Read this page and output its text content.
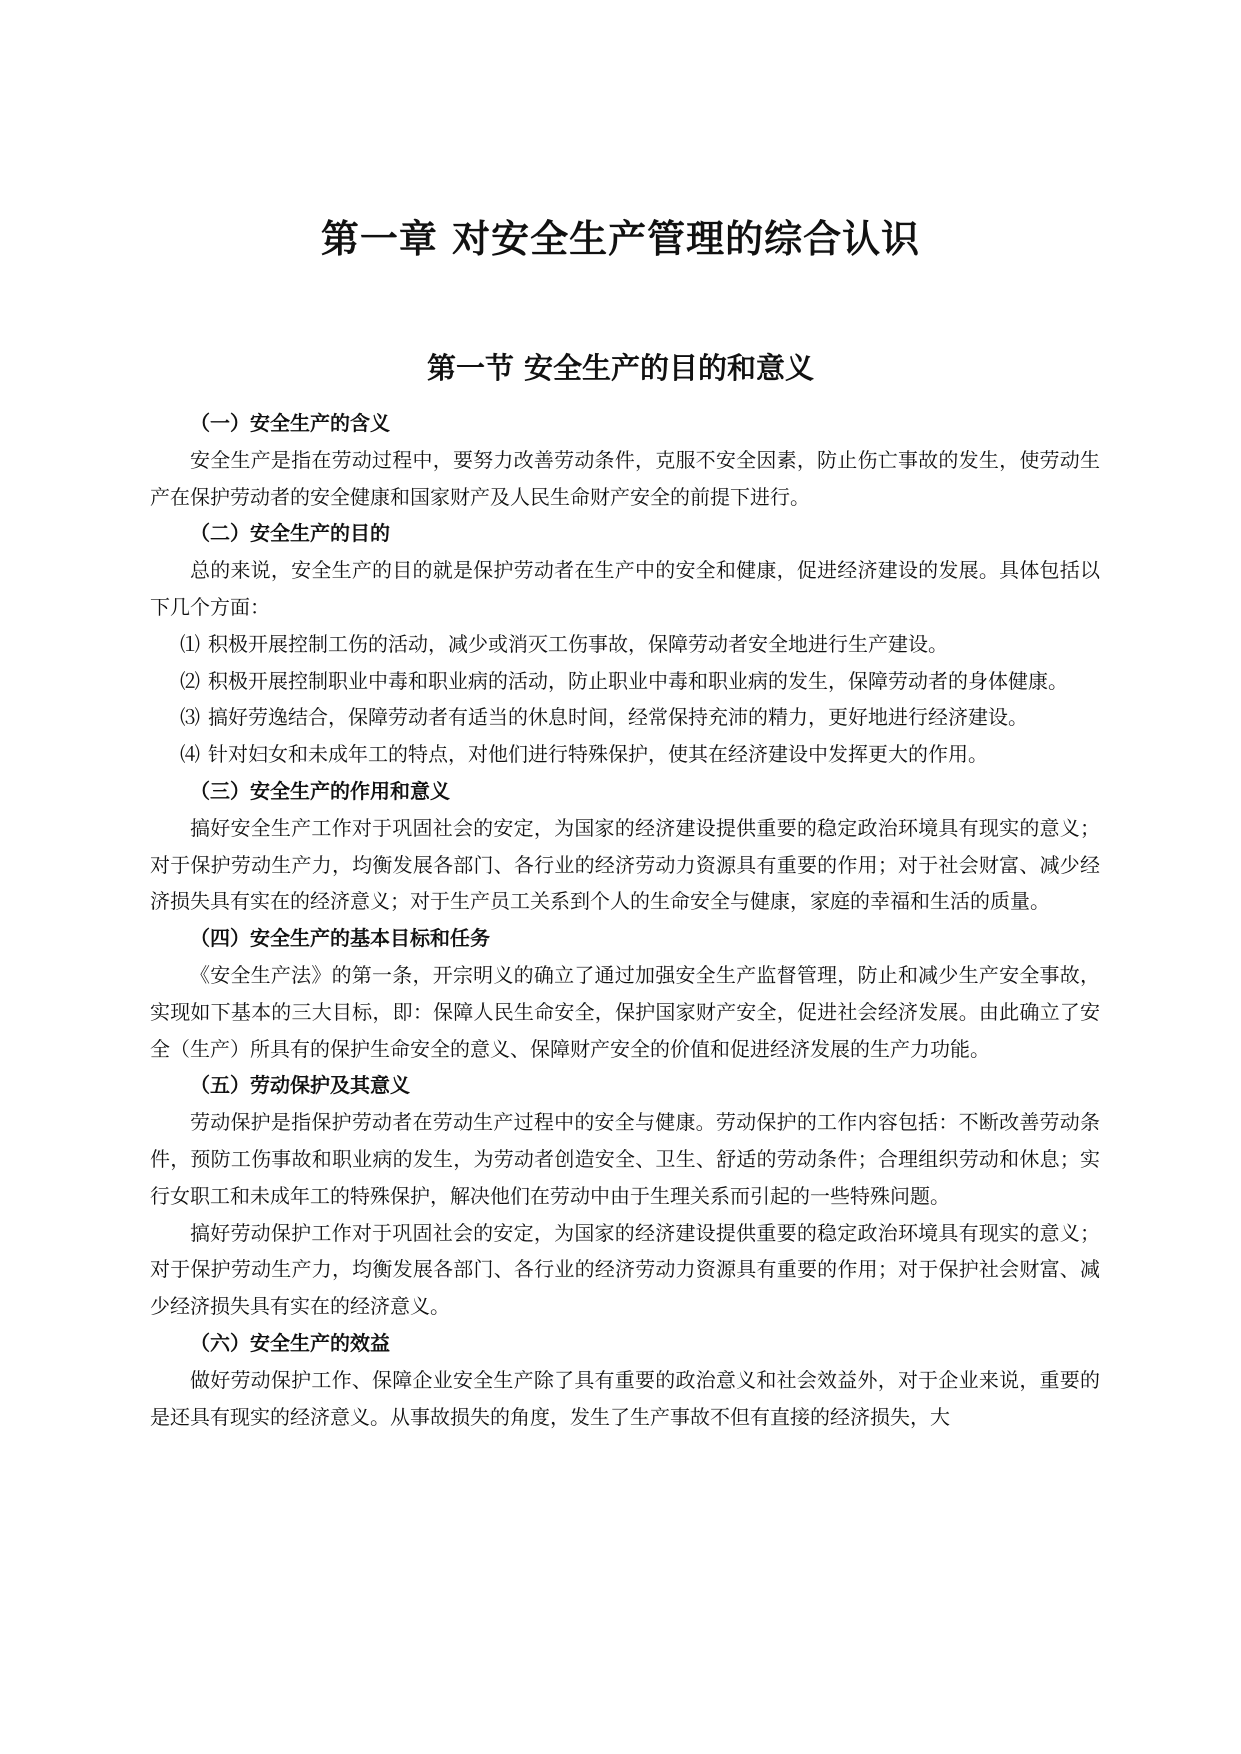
第一章 对安全生产管理的综合认识
第一节 安全生产的目的和意义

（一）安全生产的含义

安全生产是指在劳动过程中，要努力改善劳动条件，克服不安全因素，防止伤亡事故的发生，使劳动生产在保护劳动者的安全健康和国家财产及人民生命财产安全的前提下进行。

（二）安全生产的目的

总的来说，安全生产的目的就是保护劳动者在生产中的安全和健康，促进经济建设的发展。具体包括以下几个方面：

⑴ 积极开展控制工伤的活动，减少或消灭工伤事故，保障劳动者安全地进行生产建设。

⑵ 积极开展控制职业中毒和职业病的活动，防止职业中毒和职业病的发生，保障劳动者的身体健康。

⑶ 搞好劳逸结合，保障劳动者有适当的休息时间，经常保持充沛的精力，更好地进行经济建设。

⑷ 针对妇女和未成年工的特点，对他们进行特殊保护，使其在经济建设中发挥更大的作用。

（三）安全生产的作用和意义

搞好安全生产工作对于巩固社会的安定，为国家的经济建设提供重要的稳定政治环境具有现实的意义；对于保护劳动生产力，均衡发展各部门、各行业的经济劳动力资源具有重要的作用；对于社会财富、减少经济损失具有实在的经济意义；对于生产员工关系到个人的生命安全与健康，家庭的幸福和生活的质量。

（四）安全生产的基本目标和任务

《安全生产法》的第一条，开宗明义的确立了通过加强安全生产监督管理，防止和减少生产安全事故，实现如下基本的三大目标，即：保障人民生命安全，保护国家财产安全，促进社会经济发展。由此确立了安全（生产）所具有的保护生命安全的意义、保障财产安全的价值和促进经济发展的生产力功能。

（五）劳动保护及其意义

劳动保护是指保护劳动者在劳动生产过程中的安全与健康。劳动保护的工作内容包括：不断改善劳动条件，预防工伤事故和职业病的发生，为劳动者创造安全、卫生、舒适的劳动条件；合理组织劳动和休息；实行女职工和未成年工的特殊保护，解决他们在劳动中由于生理关系而引起的一些特殊问题。

搞好劳动保护工作对于巩固社会的安定，为国家的经济建设提供重要的稳定政治环境具有现实的意义；对于保护劳动生产力，均衡发展各部门、各行业的经济劳动力资源具有重要的作用；对于保护社会财富、减少经济损失具有实在的经济意义。

（六）安全生产的效益

做好劳动保护工作、保障企业安全生产除了具有重要的政治意义和社会效益外，对于企业来说，重要的是还具有现实的经济意义。从事故损失的角度，发生了生产事故不但有直接的经济损失，大
